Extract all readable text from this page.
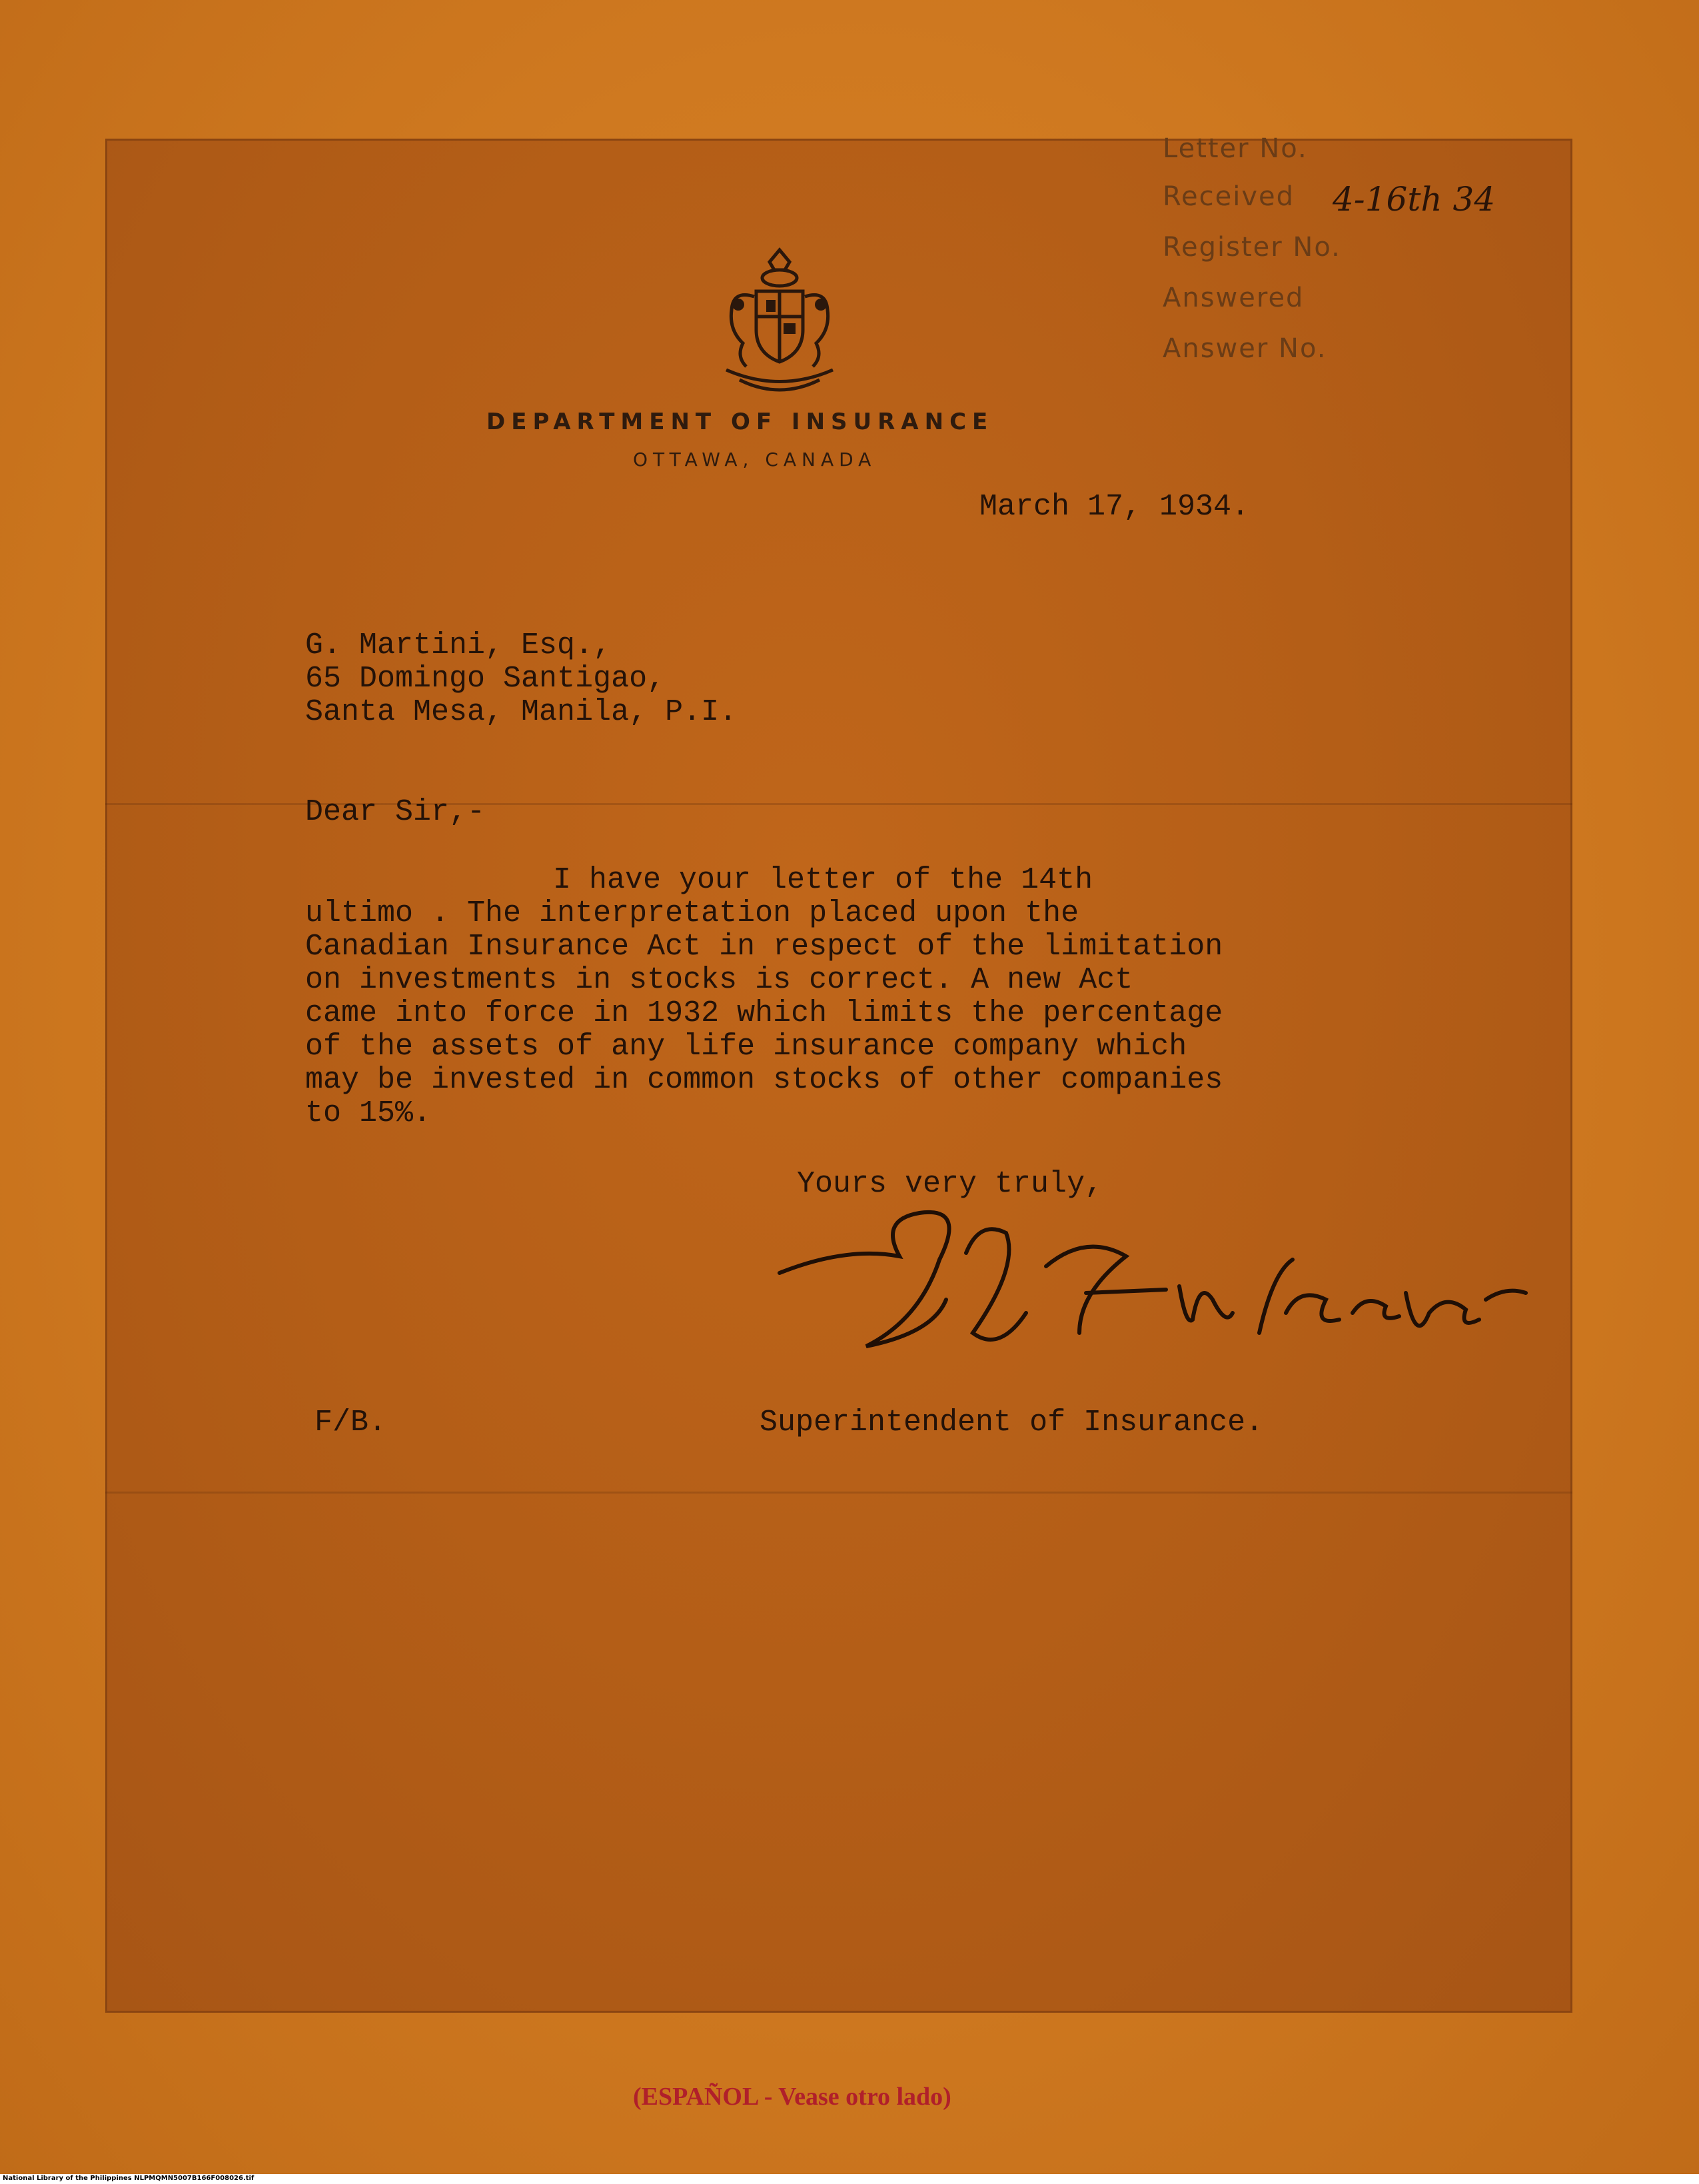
Letter No.
Received
Register No.
Answered
Answer No.
4-16th 34
DEPARTMENT OF INSURANCE
OTTAWA, CANADA
March 17, 1934.
G. Martini, Esq.,
65 Domingo Santigao,
Santa Mesa, Manila, P.I.
Dear Sir,-
I have your letter of the 14th
ultimo . The interpretation placed upon the
Canadian Insurance Act in respect of the limitation
on investments in stocks is correct. A new Act
came into force in 1932 which limits the percentage
of the assets of any life insurance company which
may be invested in common stocks of other companies
to 15%.
Yours very truly,
F/B.	Superintendent of Insurance.
(ESPAÑOL - Vease otro lado)
National Library of the Philippines NLPMQMN5007B166F008026.tif
